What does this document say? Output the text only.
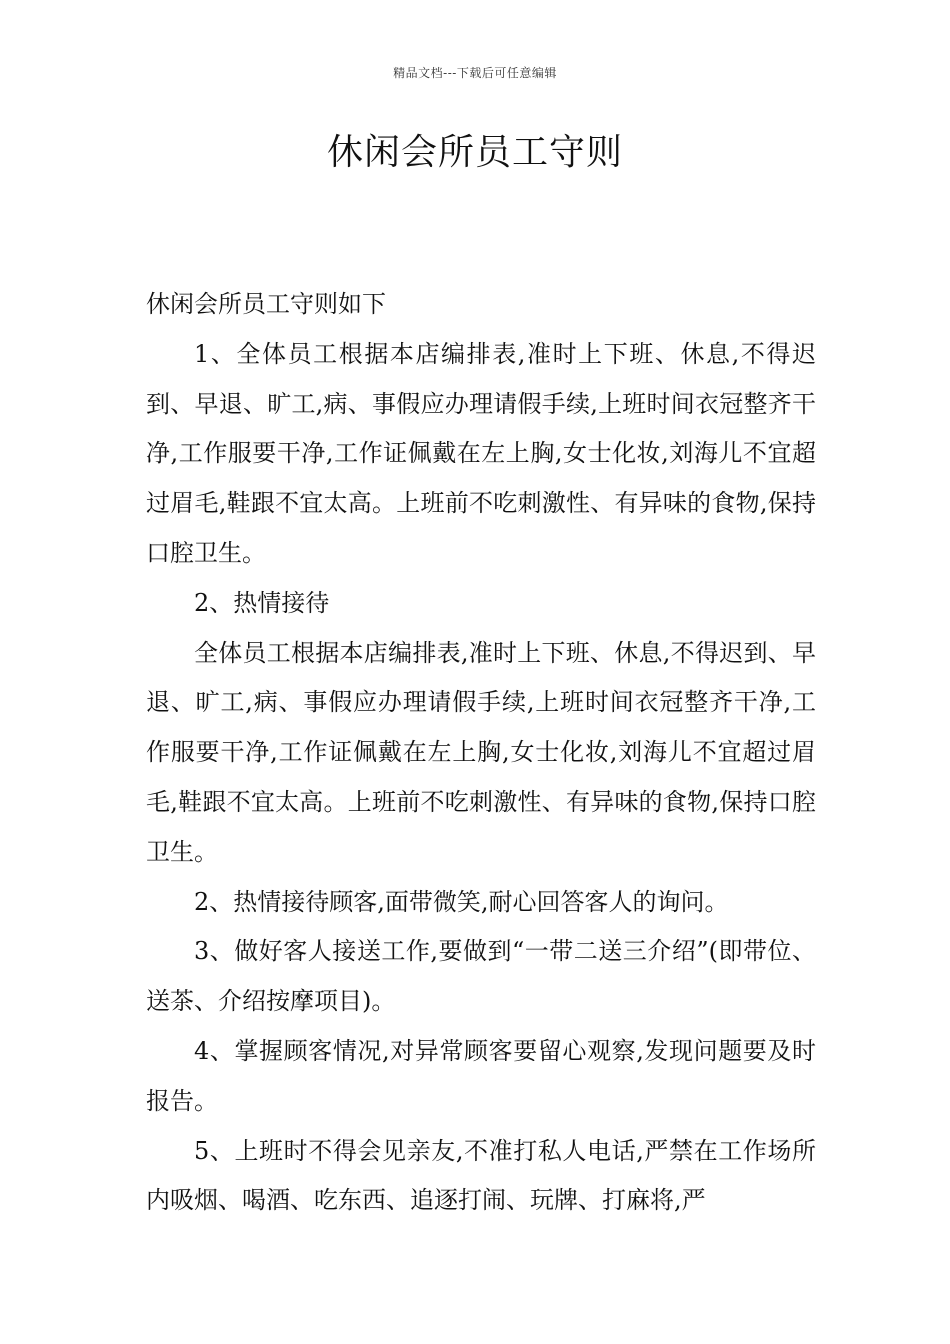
精品文档---下载后可任意编辑
休闲会所员工守则

休闲会所员工守则如下

1、全体员工根据本店编排表,准时上下班、休息,不得迟到、早退、旷工,病、事假应办理请假手续,上班时间衣冠整齐干净,工作服要干净,工作证佩戴在左上胸,女士化妆,刘海儿不宜超过眉毛,鞋跟不宜太高。上班前不吃刺激性、有异味的食物,保持口腔卫生。

2、热情接待

全体员工根据本店编排表,准时上下班、休息,不得迟到、早退、旷工,病、事假应办理请假手续,上班时间衣冠整齐干净,工作服要干净,工作证佩戴在左上胸,女士化妆,刘海儿不宜超过眉毛,鞋跟不宜太高。上班前不吃刺激性、有异味的食物,保持口腔卫生。

2、热情接待顾客,面带微笑,耐心回答客人的询问。

3、做好客人接送工作,要做到“一带二送三介绍”(即带位、送茶、介绍按摩项目)。

4、掌握顾客情况,对异常顾客要留心观察,发现问题要及时报告。

5、上班时不得会见亲友,不准打私人电话,严禁在工作场所内吸烟、喝酒、吃东西、追逐打闹、玩牌、打麻将,严
